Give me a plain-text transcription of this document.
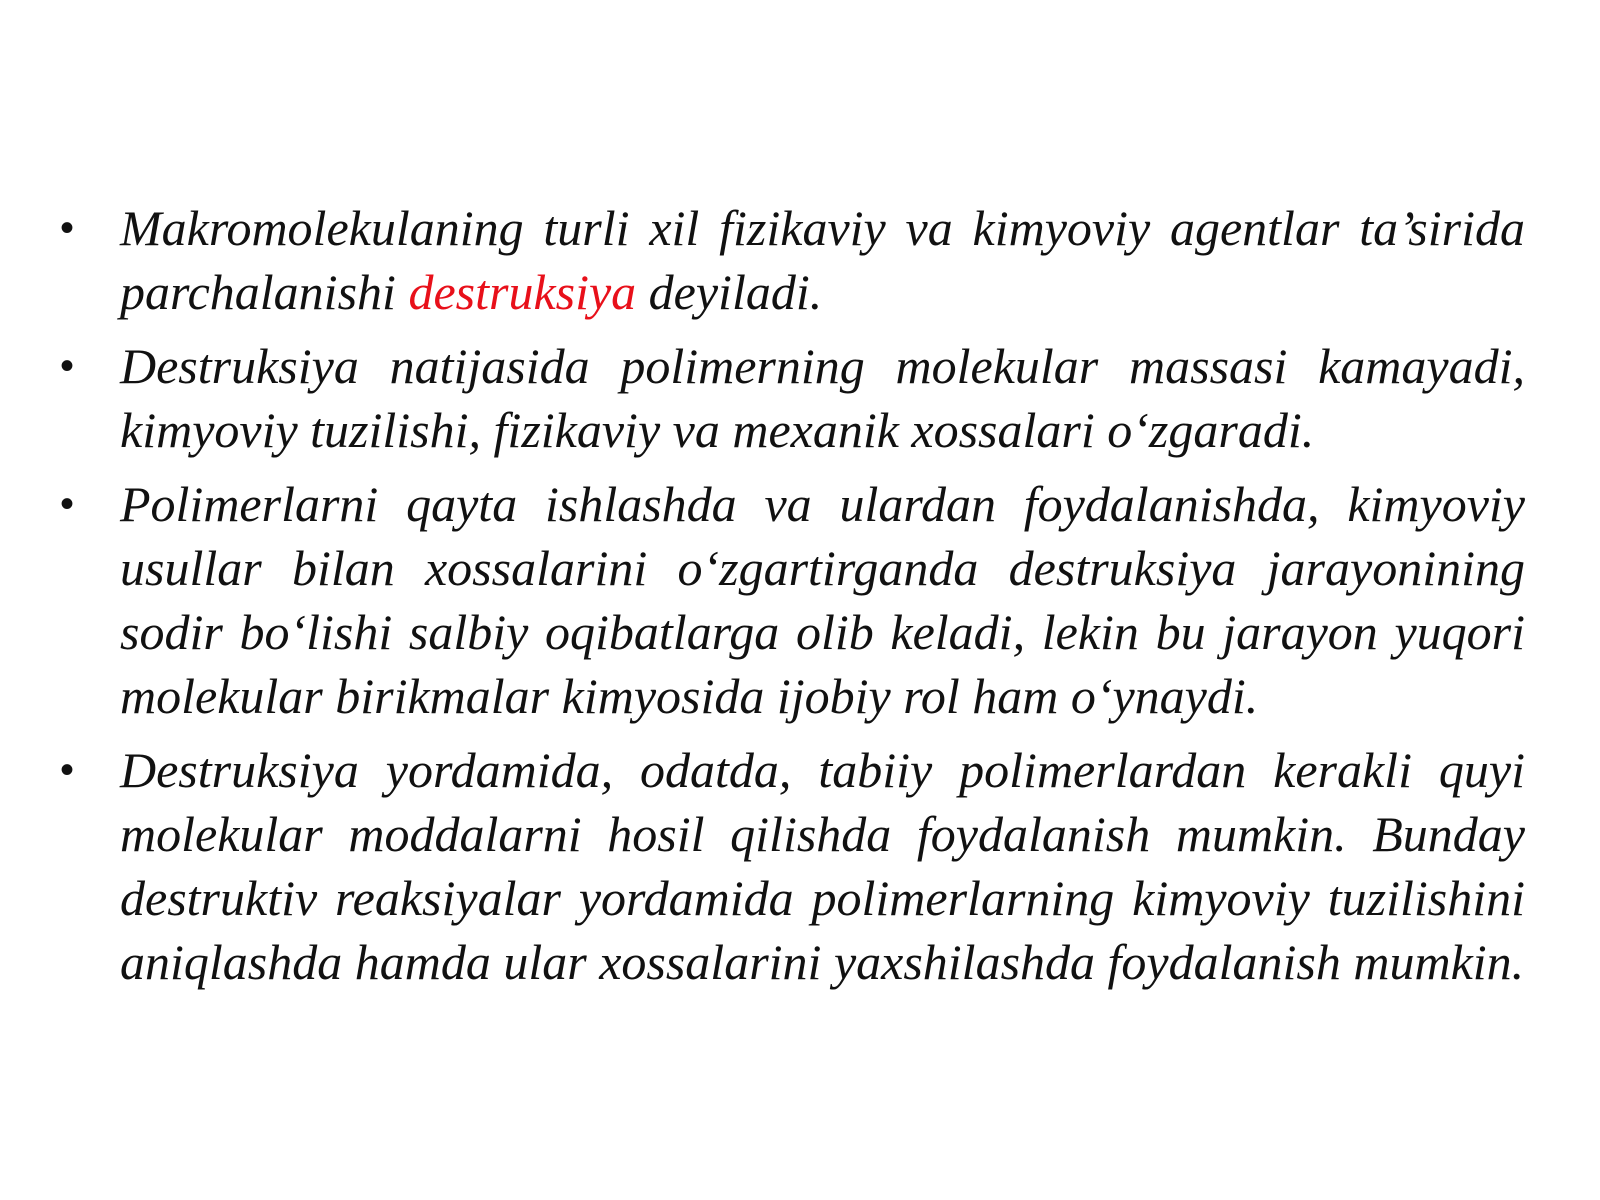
• Makromolekulaning turli xil fizikaviy va kimyoviy agentlar ta’sirida parchalanishi destruksiya deyiladi.
• Destruksiya natijasida polimerning molekular massasi kamayadi, kimyoviy tuzilishi, fizikaviy va mexanik xossalari o‘zgaradi.
• Polimerlarni qayta ishlashda va ulardan foydalanishda, kimyoviy usullar bilan xossalarini o‘zgartirganda destruksiya jarayonining sodir bo‘lishi salbiy oqibatlarga olib keladi, lekin bu jarayon yuqori molekular birikmalar kimyosida ijobiy rol ham o‘ynaydi.
• Destruksiya yordamida, odatda, tabiiy polimerlardan kerakli quyi molekular moddalarni hosil qilishda foydalanish mumkin. Bunday destruktiv reaksiyalar yordamida polimerlarning kimyoviy tuzilishini aniqlashda hamda ular xossalarini yaxshilashda foydalanish mumkin.
